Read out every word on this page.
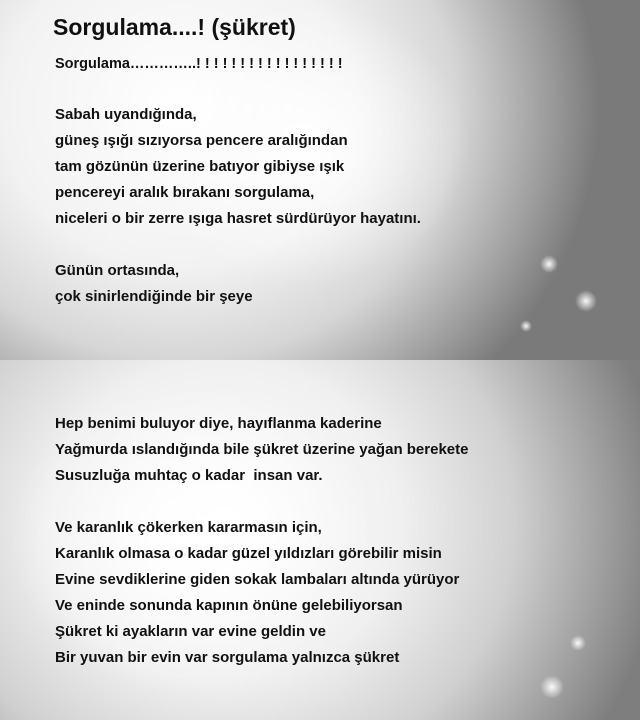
Sorgulama....! (şükret)

Sorgulama…………..! ! ! ! ! ! ! ! ! ! ! ! ! ! ! ! !

Sabah uyandığında,
güneş ışığı sızıyorsa pencere aralığından
tam gözünün üzerine batıyor gibiyse ışık
pencereyi aralık bırakanı sorgulama,
niceleri o bir zerre ışıga hasret sürdürüyor hayatını.
Günün ortasında,
çok sinirlendiğinde bir şeye
Hep benimi buluyor diye, hayıflanma kaderine
Yağmurda ıslandığında bile şükret üzerine yağan berekete
Susuzluğa muhtaç o kadar  insan var.
Ve karanlık çökerken kararmasın için,
Karanlık olmasa o kadar güzel yıldızları görebilir misin
Evine sevdiklerine giden sokak lambaları altında yürüyor
Ve eninde sonunda kapının önüne gelebiliyorsan
Şükret ki ayakların var evine geldin ve
Bir yuvan bir evin var sorgulama yalnızca şükret
